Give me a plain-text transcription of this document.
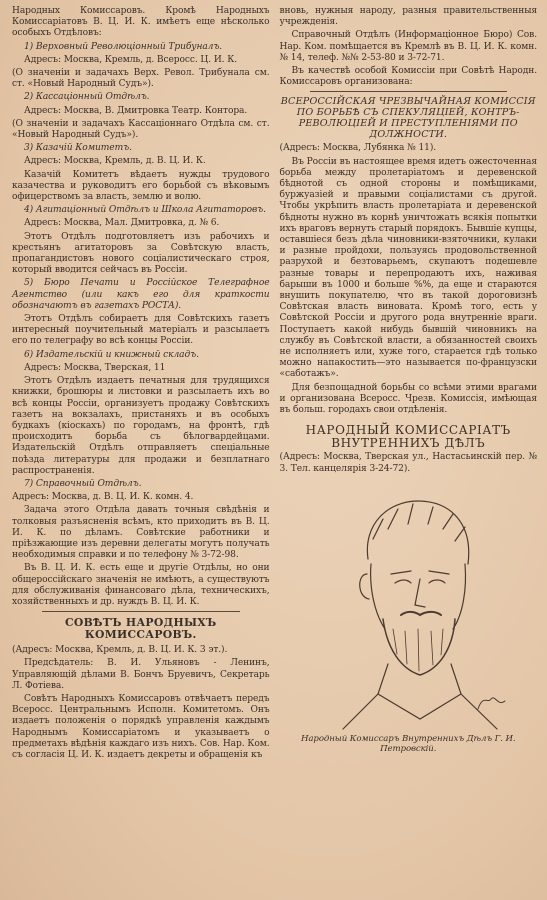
Народных Комиссаровъ. Кромѣ Народныхъ Комиссаріатовъ В. Ц. И. К. имѣетъ еще нѣсколько особыхъ Отдѣловъ:

1) Верховный Революціонный Трибуналъ.

Адресъ: Москва, Кремль, д. Всеросс. Ц. И. К.

(О значеніи и задачахъ Верх. Револ. Трибунала см. ст. «Новый Народный Судъ»).

2) Кассаціонный Отдѣлъ.

Адресъ: Москва, В. Дмитровка Театр. Контора.

(О значеніи и задачахъ Кассаціоннаго Отдѣла см. ст. «Новый Народный Судъ»).

3) Казачій Комитетъ.

Адресъ: Москва, Кремль, д. В. Ц. И. К.

Казачій Комитетъ вѣдаетъ нужды трудового казачества и руководитъ его борьбой съ вѣковымъ офицерствомъ за власть, землю и волю.

4) Агитаціонный Отдѣлъ и Школа Агитаторовъ.

Адресъ: Москва, Мал. Дмитровка, д. № 6.

Этотъ Отдѣлъ подготовляетъ изъ рабочихъ и крестьянъ агитаторовъ за Совѣтскую власть, пропагандистовъ нового соціалистическаго строя, который вводится сейчасъ въ Россіи.

5) Бюро Печати и Россійское Телеграфное Агентство (или какъ его для краткости обозначаютъ въ газетахъ РОСТА).

Этотъ Отдѣлъ собираетъ для Совѣтскихъ газетъ интересный поучительный матеріалъ и разсылаетъ его по телеграфу во всѣ концы Россіи.

6) Издательскій и книжный складъ.

Адресъ: Москва, Тверская, 11

Этотъ Отдѣлъ издаетъ печатныя для трудящихся книжки, брошюры и листовки и разсылаетъ ихъ во всѣ концы Россіи, организуетъ продажу Совѣтскихъ газетъ на вокзалахъ, пристаняхъ и въ особыхъ будкахъ (кіоскахъ) по городамъ, на фронтѣ, гдѣ происходитъ борьба съ бѣлогвардейцами. Издательскій Отдѣлъ отправляетъ спеціальные поѣзда литературы для продажи и безплатнаго распространенія.

7) Справочный Отдѣлъ.

Адресъ: Москва, д. В. Ц. И. К. комн. 4.

Задача этого Отдѣла давать точныя свѣдѣнія и толковыя разъясненія всѣмъ, кто приходитъ въ В. Ц. И. К. по дѣламъ. Совѣтские работники и пріѣзжающие изъ деревни делегаты могутъ получать необходимыя справки и по телефону № 3-72-98.

Въ В. Ц. И. К. есть еще и другіе Отдѣлы, но они общероссійскаго значенія не имѣютъ, а существуютъ для обслуживанія финансоваго дѣла, техническихъ, хозяйственныхъ и др. нуждъ В. Ц. И. К.

СОВѢТЪ НАРОДНЫХЪ КОМИССАРОВЪ.

(Адресъ: Москва, Кремль, д. В. Ц. И. К. 3 эт.).

Предсѣдатель: В. И. Ульяновъ - Ленинъ, Управляющій дѣлами В. Бончъ Бруевичъ, Секретарь Л. Фотіева.

Совѣтъ Народныхъ Комиссаровъ отвѣчаетъ передъ Всеросс. Центральнымъ Исполн. Комитетомъ. Онъ издаетъ положенія о порядкѣ управленія каждымъ Народнымъ Комиссаріатомъ и указываетъ о предметахъ вѣдѣнія каждаго изъ нихъ. Сов. Нар. Ком. съ согласія Ц. И. К. издаетъ декреты и обращенія къ

вновь, нужныя народу, разныя правительственныя учрежденія.

Справочный Отдѣлъ (Информаціонное Бюро) Сов. Нар. Ком. помѣщается въ Кремлѣ въ В. Ц. И. К. комн. № 14, телеф. №№ 2-53-80 и 3-72-71.

Въ качествѣ особой Комиссіи при Совѣтѣ Народн. Комиссаровъ организована:

ВСЕРОССІЙСКАЯ ЧРЕЗВЫЧАЙНАЯ КОМИССІЯ ПО БОРЬБѢ СЪ СПЕКУЛЯЦІЕЙ, КОНТРЪ-РЕВОЛЮЦІЕЙ И ПРЕСТУПЛЕНІЯМИ ПО ДОЛЖНОСТИ.

(Адресъ: Москва, Лубянка № 11).

Въ Россіи въ настоящее время идетъ ожесточенная борьба между пролетаріатомъ и деревенской бѣднотой съ одной стороны и помѣщиками, буржуазіей и правыми соціалистами съ другой. Чтобы укрѣпить власть пролетаріата и деревенской бѣдноты нужно въ корнѣ уничтожать всякія попытки ихъ враговъ вернуть старый порядокъ. Бывшіе купцы, оставшіеся безъ дѣла чиновники-взяточники, кулаки и разные пройдохи, пользуясь продовольственной разрухой и безтоварьемъ, скупаютъ подешевле разные товары и перепродаютъ ихъ, наживая барыши въ 1000 и больше %%, да еще и стараются внушить покупателю, что въ такой дороговизнѣ Совѣтская власть виновата. Кромѣ того, есть у Совѣтской Россіи и другого рода внутренніе враги. Поступаетъ какой нибудь бывшій чиновникъ на службу въ Совѣтской власти, а обязанностей своихъ не исполняетъ или, хуже того, старается гдѣ только можно напакостить—это называется по-французски «саботажъ».

Для безпощадной борьбы со всѣми этими врагами и организована Всеросс. Чрезв. Комиссія, имѣющая въ больш. городахъ свои отдѣленія.

НАРОДНЫЙ КОМИССАРІАТЪ ВНУТРЕННИХЪ ДѢЛЪ

(Адресъ: Москва, Тверская ул., Настасьинскій пер. № 3. Тел. канцелярія 3-24-72).

Народный Комиссаръ Внутреннихъ Дѣлъ Г. И. Петровскій.
